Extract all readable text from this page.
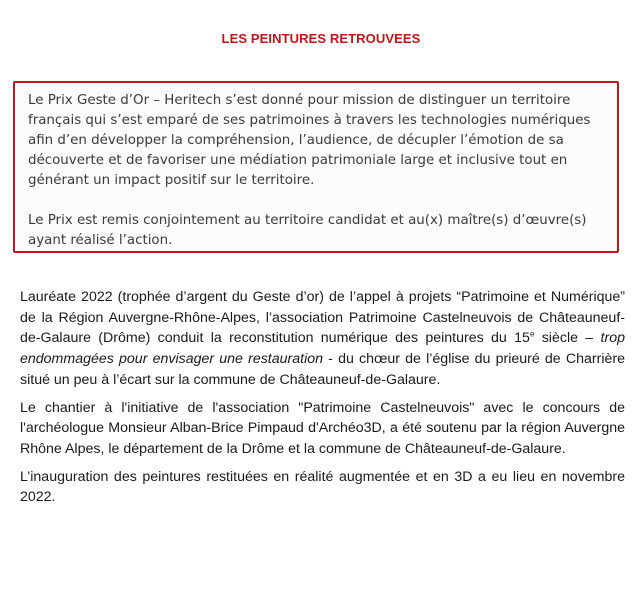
LES PEINTURES RETROUVEES

Le Prix Geste d’Or – Heritech s’est donné pour mission de distinguer un territoire français qui s’est emparé de ses patrimoines à travers les technologies numériques afin d’en développer la compréhension, l’audience, de décupler l’émotion de sa découverte et de favoriser une médiation patrimoniale large et inclusive tout en générant un impact positif sur le territoire.

Le Prix est remis conjointement au territoire candidat et au(x) maître(s) d’œuvre(s) ayant réalisé l’action.

Lauréate 2022 (trophée d’argent du Geste d’or) de l’appel à projets “Patrimoine et Numérique” de la Région Auvergne-Rhône-Alpes, l’association Patrimoine Castelneuvois de Châteauneuf-de-Galaure (Drôme) conduit la reconstitution numérique des peintures du 15e siècle – trop endommagées pour envisager une restauration - du chœur de l’église du prieuré de Charrière situé un peu à l’écart sur la commune de Châteauneuf-de-Galaure.

Le chantier à l'initiative de l'association "Patrimoine Castelneuvois" avec le concours de l'archéologue Monsieur Alban-Brice Pimpaud d'Archéo3D, a été soutenu par la région Auvergne Rhône Alpes, le département de la Drôme et la commune de Châteauneuf-de-Galaure.

L’inauguration des peintures restituées en réalité augmentée et en 3D a eu lieu en novembre 2022.
